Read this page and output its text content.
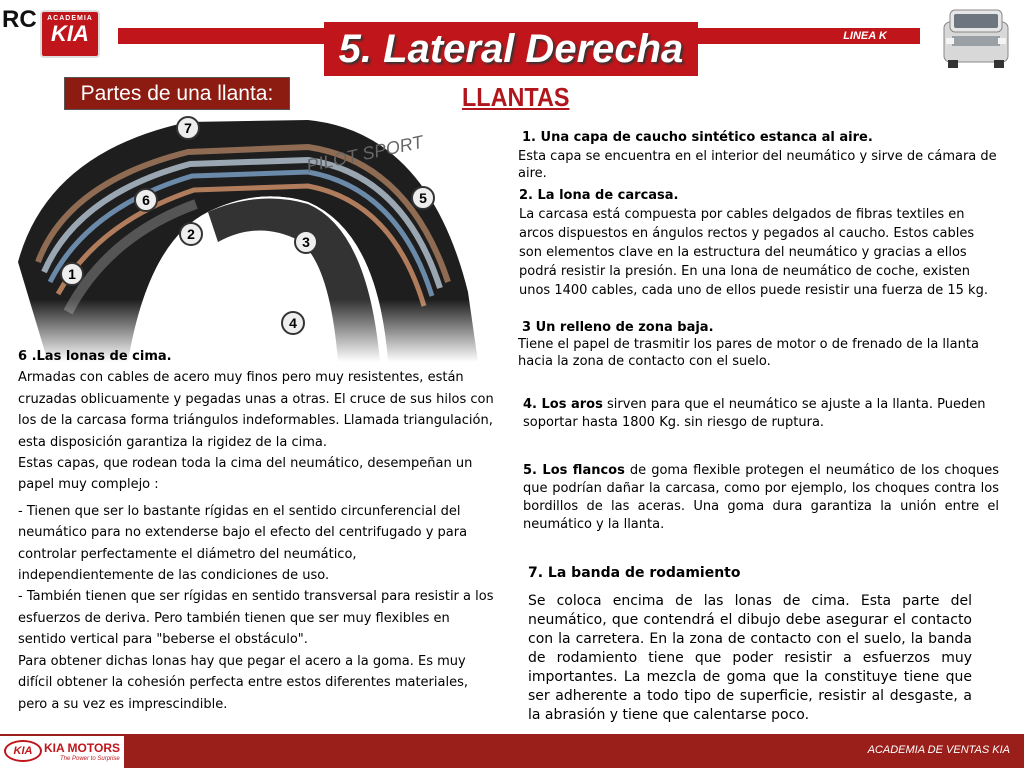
RC	ACADEMIA
KIA	LINEA K
5. Lateral Derecha
Partes de una llanta:	LLANTAS
PILOT SPORT
1
2	3
4
5
6
7
1. Una capa de caucho sintético estanca al aire.
Esta capa se encuentra en el interior del neumático y sirve de cámara de aire.
2. La lona de carcasa.
La carcasa está compuesta por cables delgados de fibras textiles en arcos dispuestos en ángulos rectos y pegados al caucho. Estos cables son elementos clave en la estructura del neumático y gracias a ellos podrá resistir la presión. En una lona de neumático de coche, existen unos 1400 cables, cada uno de ellos puede resistir una fuerza de 15 kg.
3 Un relleno de zona baja.
Tiene el papel de trasmitir los pares de motor o de frenado de la llanta hacia la zona de contacto con el suelo.
4. Los aros sirven para que el neumático se ajuste a la llanta. Pueden soportar hasta 1800 Kg. sin riesgo de ruptura.
5. Los flancos de goma flexible protegen el neumático de los choques que podrían dañar la carcasa, como por ejemplo, los choques contra los bordillos de las aceras. Una goma dura garantiza la unión entre el neumático y la llanta.
7. La banda de rodamiento
Se coloca encima de las lonas de cima. Esta parte del neumático, que contendrá el dibujo debe asegurar el contacto con la carretera. En la zona de contacto con el suelo, la banda de rodamiento tiene que poder resistir a esfuerzos muy importantes. La mezcla de goma que la constituye tiene que ser adherente a todo tipo de superficie, resistir al desgaste, a la abrasión y tiene que calentarse poco.

6 .Las lonas de cima.

Armadas con cables de acero muy finos pero muy resistentes, están cruzadas oblicuamente y pegadas unas a otras. El cruce de sus hilos con los de la carcasa forma triángulos indeformables. Llamada triangulación, esta disposición garantiza la rigidez de la cima.

Estas capas, que rodean toda la cima del neumático, desempeñan un papel muy complejo :

- Tienen que ser lo bastante rígidas en el sentido circunferencial del neumático para no extenderse bajo el efecto del centrifugado y para controlar perfectamente el diámetro del neumático, independientemente de las condiciones de uso.

- También tienen que ser rígidas en sentido transversal para resistir a los esfuerzos de deriva. Pero también tienen que ser muy flexibles en sentido vertical para "beberse el obstáculo".

Para obtener dichas lonas hay que pegar el acero a la goma. Es muy difícil obtener la cohesión perfecta entre estos diferentes materiales, pero a su vez es imprescindible.

KIA KIA MOTORS
The Power to Surprise
ACADEMIA DE VENTAS KIA
